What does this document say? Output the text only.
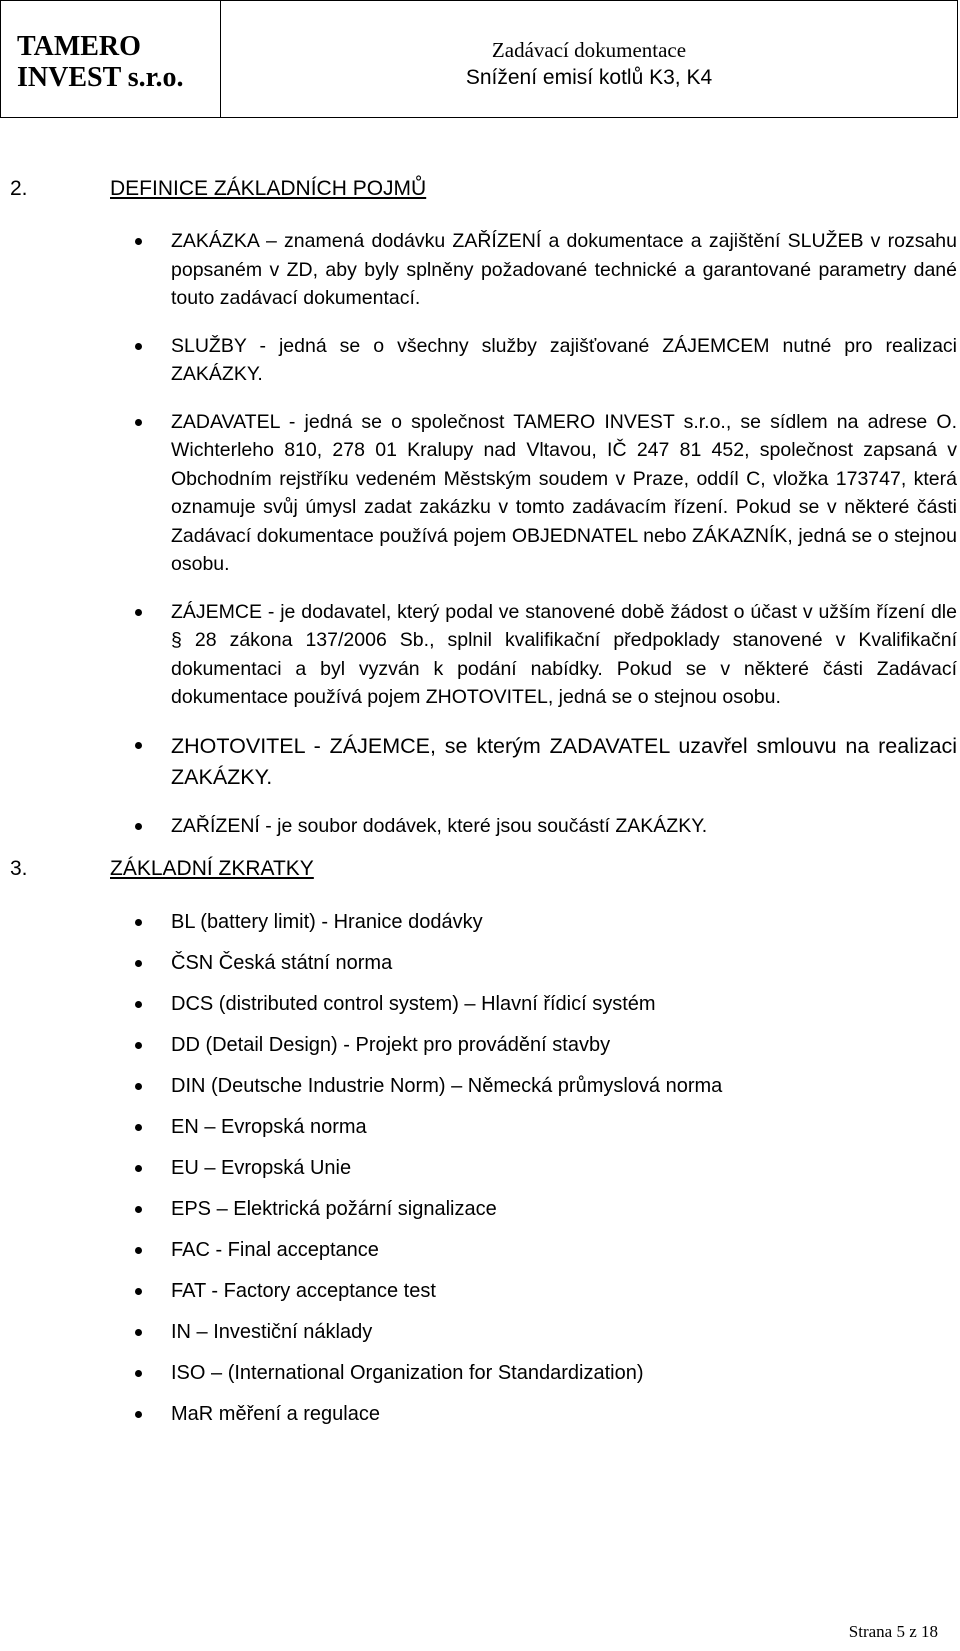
TAMERO
INVEST s.r.o.
Zadávací dokumentace
Snížení emisí kotlů K3, K4
2.	DEFINICE ZÁKLADNÍCH POJMŮ
ZAKÁZKA – znamená dodávku ZAŘÍZENÍ a dokumentace a zajištění SLUŽEB v rozsahu popsaném v ZD, aby byly splněny požadované technické a garantované parametry dané touto zadávací dokumentací.
SLUŽBY - jedná se o všechny služby zajišťované ZÁJEMCEM nutné pro realizaci ZAKÁZKY.
ZADAVATEL - jedná se o společnost TAMERO INVEST s.r.o., se sídlem na adrese O. Wichterleho 810, 278 01 Kralupy nad Vltavou, IČ 247 81 452, společnost zapsaná v Obchodním rejstříku vedeném Městským soudem v Praze, oddíl C, vložka 173747, která oznamuje svůj úmysl zadat zakázku v tomto zadávacím řízení. Pokud se v některé části Zadávací dokumentace používá pojem OBJEDNATEL nebo ZÁKAZNÍK, jedná se o stejnou osobu.
ZÁJEMCE - je dodavatel, který podal ve stanovené době žádost o účast v užším řízení dle § 28 zákona 137/2006 Sb., splnil kvalifikační předpoklady stanovené v Kvalifikační dokumentaci a byl vyzván k podání nabídky. Pokud se v některé části Zadávací dokumentace používá pojem ZHOTOVITEL, jedná se o stejnou osobu.
ZHOTOVITEL - ZÁJEMCE, se kterým ZADAVATEL uzavřel smlouvu na realizaci ZAKÁZKY.
ZAŘÍZENÍ - je soubor dodávek, které jsou součástí ZAKÁZKY.
3.	ZÁKLADNÍ ZKRATKY
BL (battery limit) - Hranice dodávky
ČSN Česká státní norma
DCS (distributed control system) – Hlavní řídicí systém
DD (Detail Design) - Projekt pro provádění stavby
DIN (Deutsche Industrie Norm) – Německá průmyslová norma
EN – Evropská norma
EU – Evropská Unie
EPS – Elektrická požární signalizace
FAC - Final acceptance
FAT - Factory acceptance test
IN – Investiční náklady
ISO – (International Organization for Standardization)
MaR měření a regulace
Strana 5 z 18
